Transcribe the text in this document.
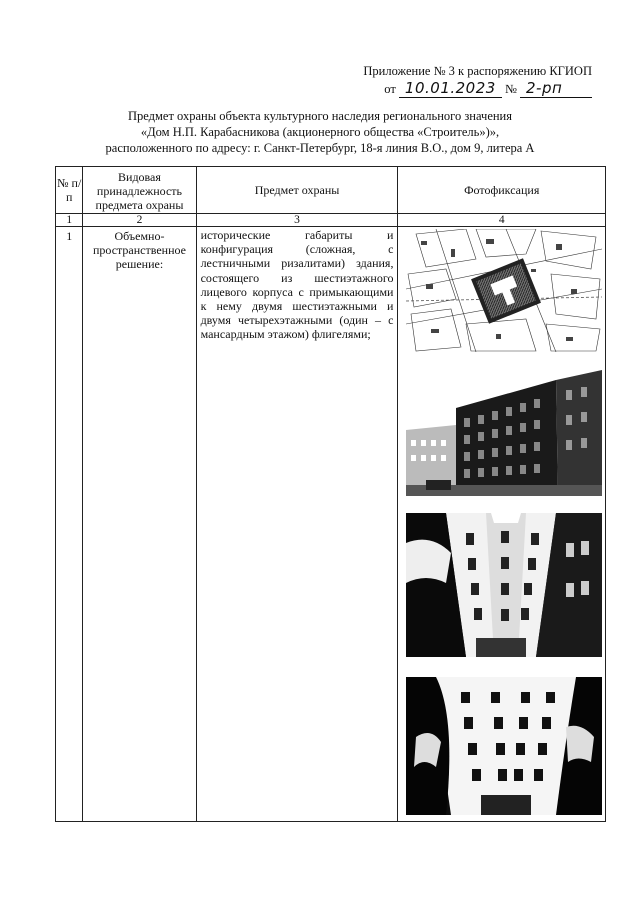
Приложение № 3 к распоряжению КГИОП
от 10.01.2023 № 2-рп
Предмет охраны объекта культурного наследия регионального значения
«Дом Н.П. Карабасникова (акционерного общества «Строитель»)»,
расположенного по адресу: г. Санкт-Петербург, 18-я линия В.О., дом 9, литера А
№ п/п	Видовая принадлежность предмета охраны	Предмет охраны	Фотофиксация
1	2	3	4
1	Объемно-пространственное решение:	исторические габариты и конфигурация (сложная, с лестничными ризалитами) здания, состоящего из шестиэтажного лицевого корпуса с примыкающими к нему двумя шестиэтажными и двумя четырехэтажными (один – с мансардным этажом) флигелями;	
